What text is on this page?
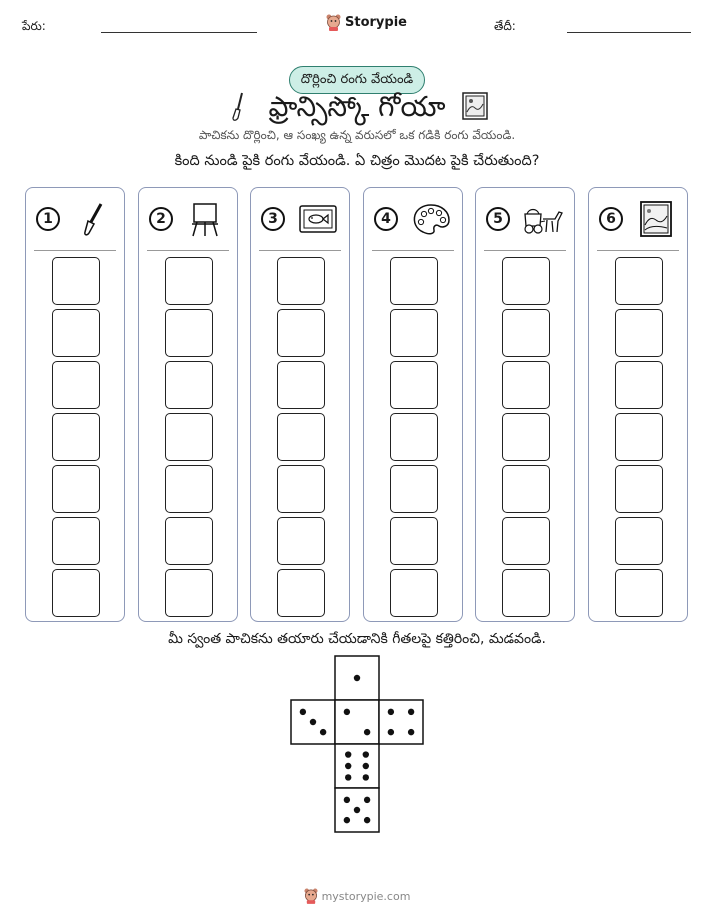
పేరు:	Storypie	తేదీ:
దొర్లించి రంగు వేయండి
ఫ్రాన్సిస్కో గోయా
పాచికను దొర్లించి, ఆ సంఖ్య ఉన్న వరుసలో ఒక గడికి రంగు వేయండి.
కింది నుండి పైకి రంగు వేయండి. ఏ చిత్రం మొదట పైకి చేరుతుంది?
1	2	3	4	5	6
మీ స్వంత పాచికను తయారు చేయడానికి గీతలపై కత్తిరించి, మడవండి.
mystorypie.com
